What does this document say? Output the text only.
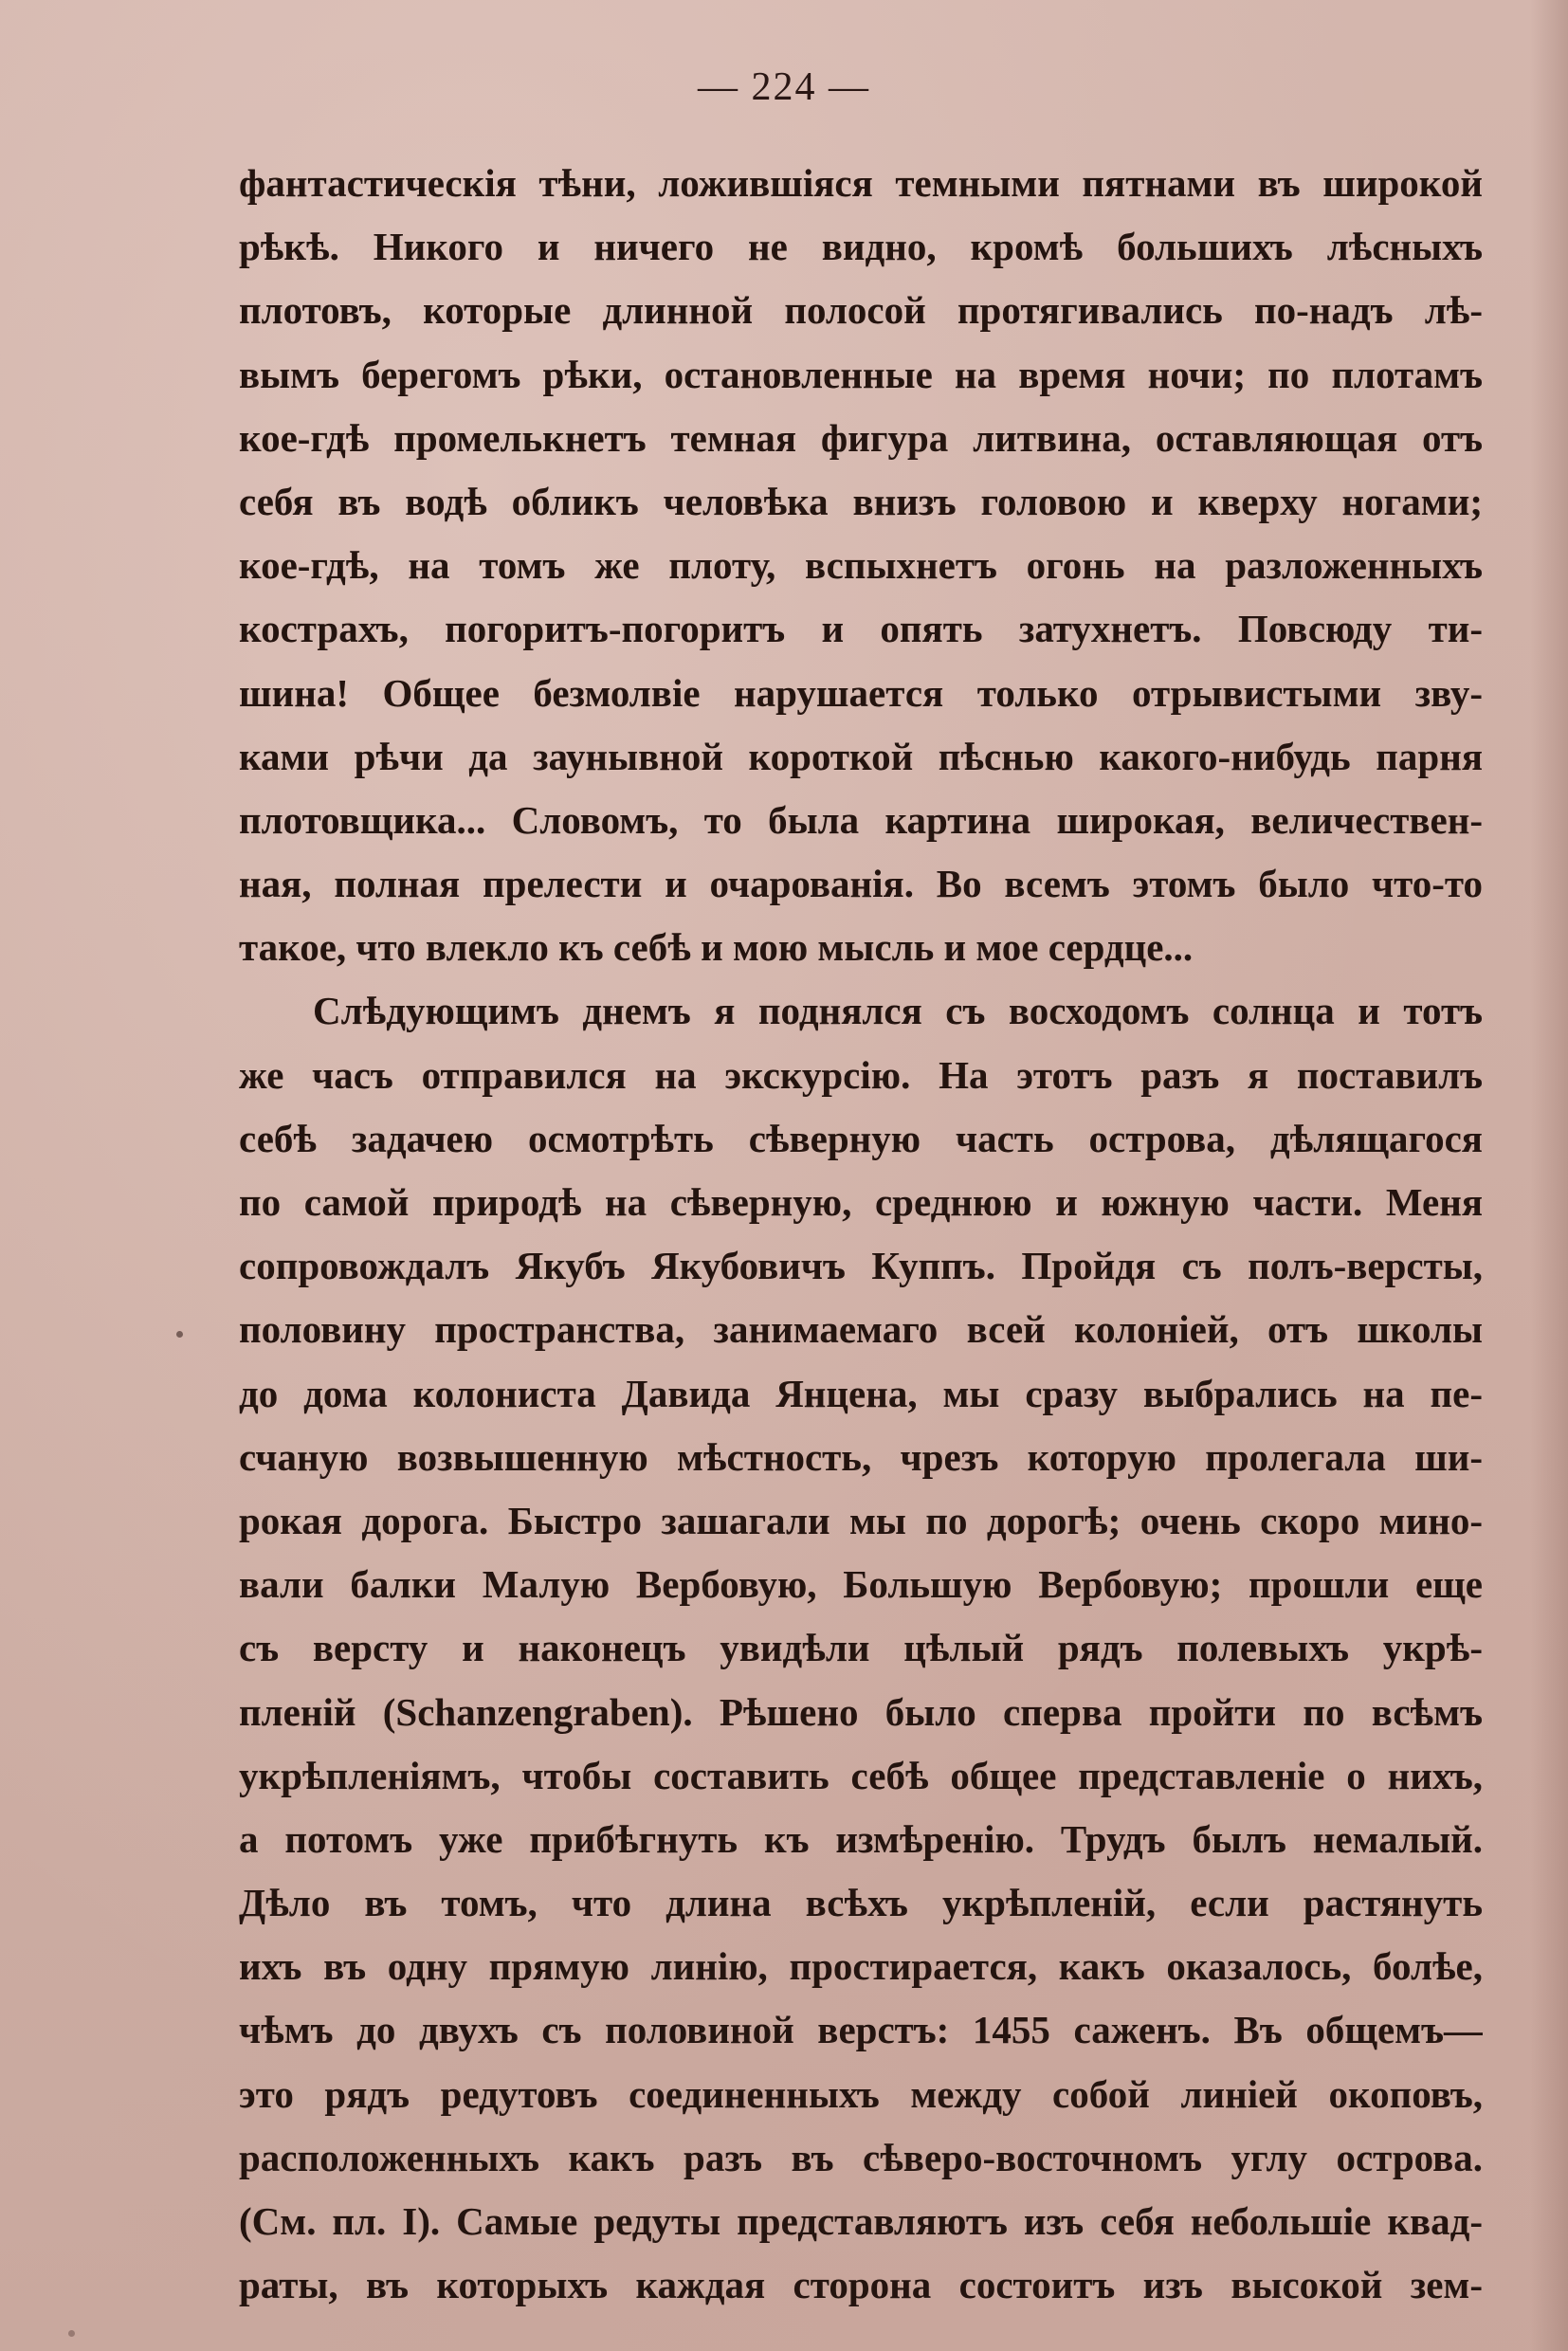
— 224 —
фантастическія тѣни, ложившіяся темными пятнами въ широкой
рѣкѣ. Никого и ничего не видно, кромѣ большихъ лѣсныхъ
плотовъ, которые длинной полосой протягивались по-надъ лѣ-
вымъ берегомъ рѣки, остановленные на время ночи; по плотамъ
кое-гдѣ промелькнетъ темная фигура литвина, оставляющая отъ
себя въ водѣ обликъ человѣка внизъ головою и кверху ногами;
кое-гдѣ, на томъ же плоту, вспыхнетъ огонь на разложенныхъ
кострахъ, погоритъ-погоритъ и опять затухнетъ. Повсюду ти-
шина! Общее безмолвіе нарушается только отрывистыми зву-
ками рѣчи да заунывной короткой пѣснью какого-нибудь парня
плотовщика... Словомъ, то была картина широкая, величествен-
ная, полная прелести и очарованія. Во всемъ этомъ было что-то
такое, что влекло къ себѣ и мою мысль и мое сердце...
Слѣдующимъ днемъ я поднялся съ восходомъ солнца и тотъ
же часъ отправился на экскурсію. На этотъ разъ я поставилъ
себѣ задачею осмотрѣть сѣверную часть острова, дѣлящагося
по самой природѣ на сѣверную, среднюю и южную части. Меня
сопровождалъ Якубъ Якубовичъ Куппъ. Пройдя съ полъ-версты,
половину пространства, занимаемаго всей колоніей, отъ школы
до дома колониста Давида Янцена, мы сразу выбрались на пе-
счаную возвышенную мѣстность, чрезъ которую пролегала ши-
рокая дорога. Быстро зашагали мы по дорогѣ; очень скоро мино-
вали балки Малую Вербовую, Большую Вербовую; прошли еще
съ версту и наконецъ увидѣли цѣлый рядъ полевыхъ укрѣ-
пленій (Schanzengraben). Рѣшено было сперва пройти по всѣмъ
укрѣпленіямъ, чтобы составить себѣ общее представленіе о нихъ,
а потомъ уже прибѣгнуть къ измѣренію. Трудъ былъ немалый.
Дѣло въ томъ, что длина всѣхъ укрѣпленій, если растянуть
ихъ въ одну прямую линію, простирается, какъ оказалось, болѣе,
чѣмъ до двухъ съ половиной верстъ: 1455 саженъ. Въ общемъ—
это рядъ редутовъ соединенныхъ между собой линіей окоповъ,
расположенныхъ какъ разъ въ сѣверо-восточномъ углу острова.
(См. пл. I). Самые редуты представляютъ изъ себя небольшіе квад-
раты, въ которыхъ каждая сторона состоитъ изъ высокой зем-
